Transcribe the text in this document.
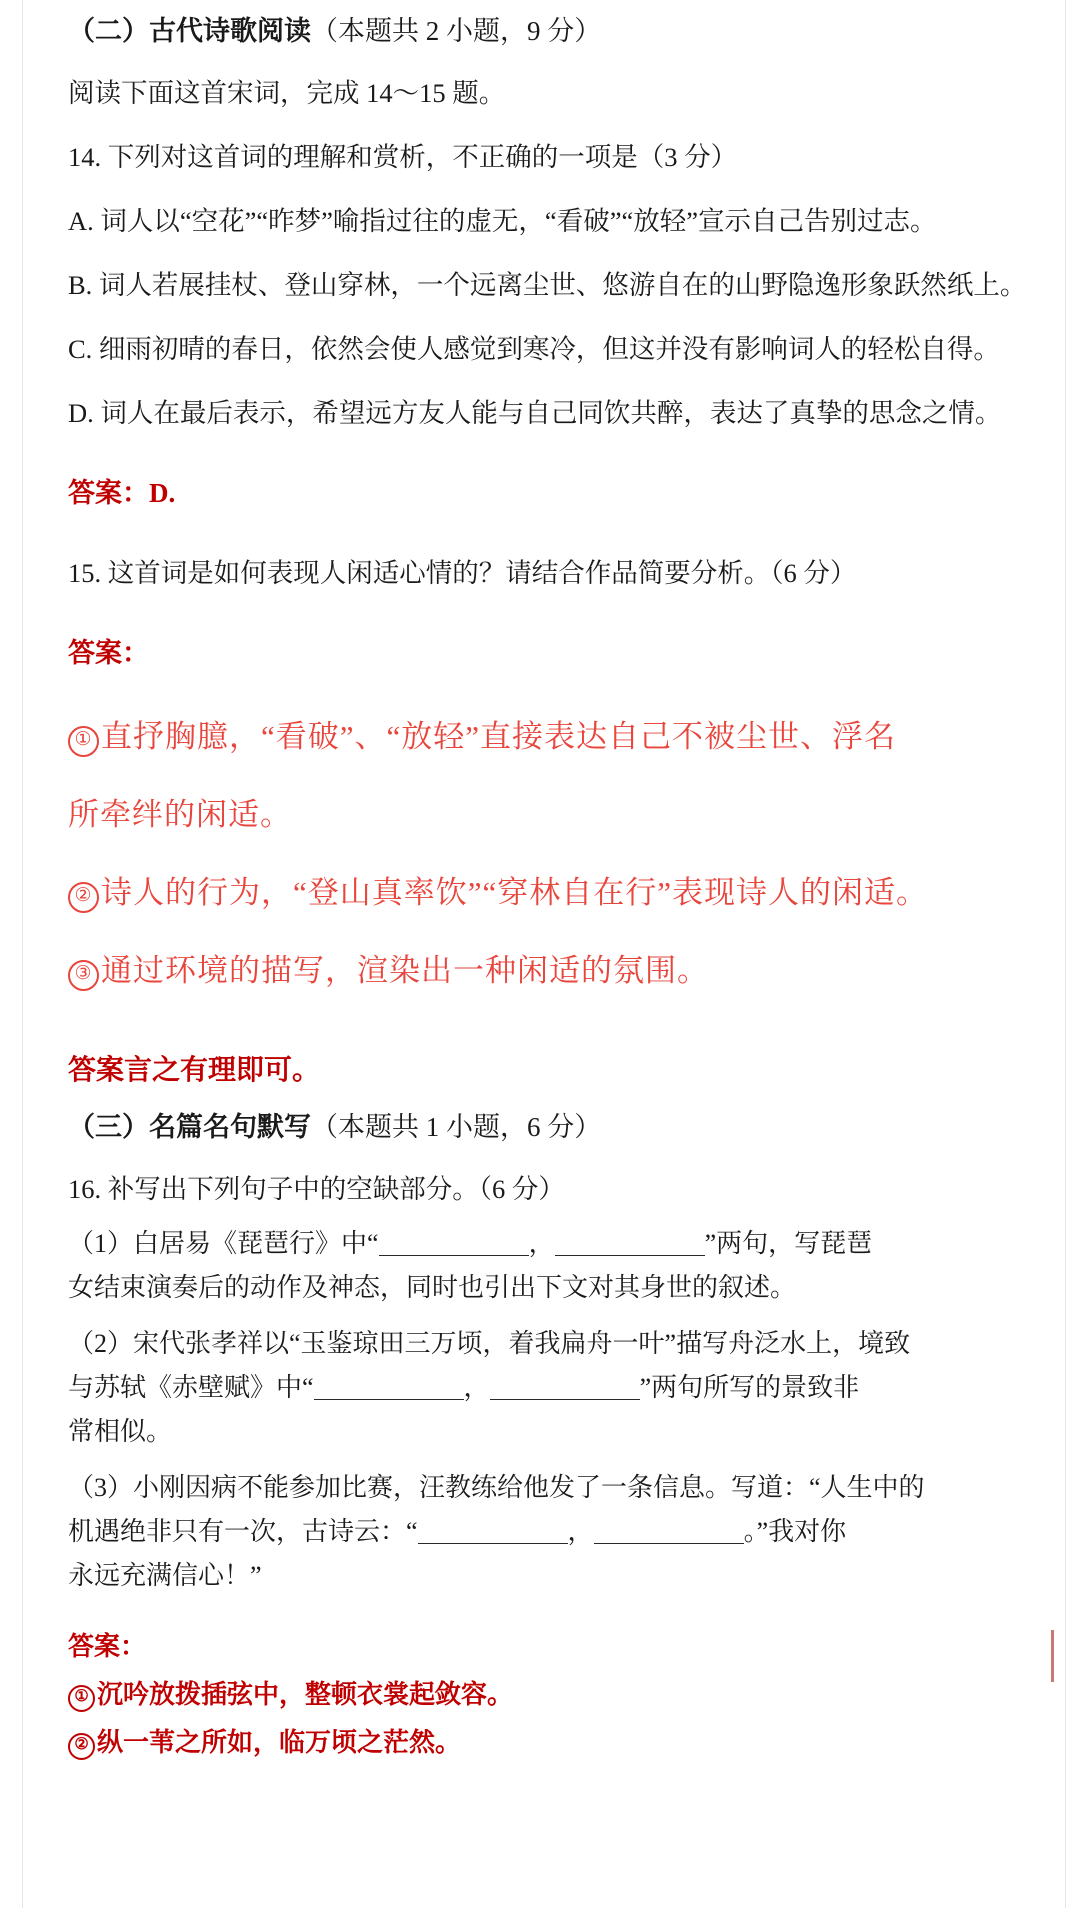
（二）古代诗歌阅读（本题共 2 小题，9 分）
阅读下面这首宋词，完成 14～15 题。
14. 下列对这首词的理解和赏析，不正确的一项是（3 分）
A. 词人以“空花”“昨梦”喻指过往的虚无，“看破”“放轻”宣示自己告别过志。
B. 词人若展挂杖、登山穿林，一个远离尘世、悠游自在的山野隐逸形象跃然纸上。
C. 细雨初晴的春日，依然会使人感觉到寒冷，但这并没有影响词人的轻松自得。
D. 词人在最后表示，希望远方友人能与自己同饮共醉，表达了真挚的思念之情。
答案：D.
15. 这首词是如何表现人闲适心情的？请结合作品简要分析。（6 分）
答案：
① 直抒胸臆，“看破”、“放轻”直接表达自己不被尘世、浮名
所牵绊的闲适。
② 诗人的行为，“登山真率饮”“穿林自在行”表现诗人的闲适。
③ 通过环境的描写，渲染出一种闲适的氛围。
答案言之有理即可。
（三）名篇名句默写（本题共 1 小题，6 分）
16. 补写出下列句子中的空缺部分。（6 分）

（1）白居易《琵琶行》中“	，	”两句，写琵琶
女结束演奏后的动作及神态，同时也引出下文对其身世的叙述。

（2）宋代张孝祥以“玉鉴琼田三万顷，着我扁舟一叶”描写舟泛水上，境致
与苏轼《赤壁赋》中“	，	”两句所写的景致非
常相似。

（3）小刚因病不能参加比赛，汪教练给他发了一条信息。写道：“人生中的
机遇绝非只有一次，古诗云：“	，	。”我对你
永远充满信心！”

答案：
① 沉吟放拨插弦中，整顿衣裳起敛容。
② 纵一苇之所如，临万顷之茫然。
